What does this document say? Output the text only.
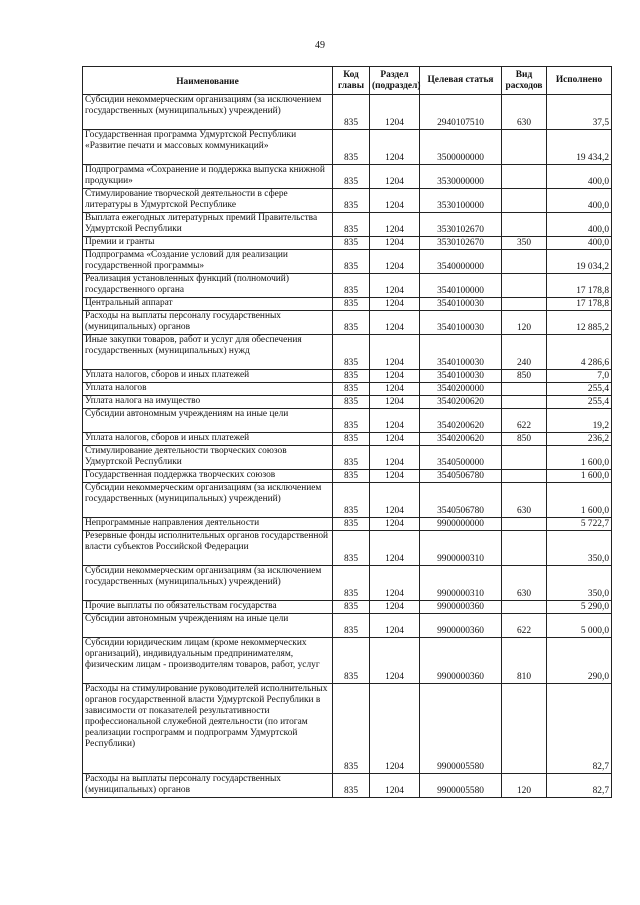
49
Наименование	Код главы	Раздел (подраздел)	Целевая статья	Вид расходов	Исполнено
Субсидии некоммерческим организациям (за исключением государственных (муниципальных) учреждений)	835	1204	2940107510	630	37,5
Государственная программа Удмуртской Республики «Развитие печати и массовых коммуникаций»	835	1204	3500000000		19 434,2
Подпрограмма «Сохранение и поддержка выпуска книжной продукции»	835	1204	3530000000		400,0
Стимулирование творческой деятельности в сфере литературы в Удмуртской Республике	835	1204	3530100000		400,0
Выплата ежегодных литературных премий Правительства Удмуртской Республики	835	1204	3530102670		400,0
Премии и гранты	835	1204	3530102670	350	400,0
Подпрограмма «Создание условий для реализации государственной программы»	835	1204	3540000000		19 034,2
Реализация установленных функций (полномочий) государственного органа	835	1204	3540100000		17 178,8
Центральный аппарат	835	1204	3540100030		17 178,8
Расходы на выплаты персоналу государственных (муниципальных) органов	835	1204	3540100030	120	12 885,2
Иные закупки товаров, работ и услуг для обеспечения государственных (муниципальных) нужд	835	1204	3540100030	240	4 286,6
Уплата налогов, сборов и иных платежей	835	1204	3540100030	850	7,0
Уплата налогов	835	1204	3540200000		255,4
Уплата налога на имущество	835	1204	3540200620		255,4
Субсидии автономным учреждениям на иные цели	835	1204	3540200620	622	19,2
Уплата налогов, сборов и иных платежей	835	1204	3540200620	850	236,2
Стимулирование деятельности творческих союзов Удмуртской Республики	835	1204	3540500000		1 600,0
Государственная поддержка творческих союзов	835	1204	3540506780		1 600,0
Субсидии некоммерческим организациям (за исключением государственных (муниципальных) учреждений)	835	1204	3540506780	630	1 600,0
Непрограммные направления деятельности	835	1204	9900000000		5 722,7
Резервные фонды исполнительных органов государственной власти субъектов Российской Федерации	835	1204	9900000310		350,0
Субсидии некоммерческим организациям (за исключением государственных (муниципальных) учреждений)	835	1204	9900000310	630	350,0
Прочие выплаты по обязательствам государства	835	1204	9900000360		5 290,0
Субсидии автономным учреждениям на иные цели	835	1204	9900000360	622	5 000,0
Субсидии юридическим лицам (кроме некоммерческих организаций), индивидуальным предпринимателям, физическим лицам - производителям товаров, работ, услуг	835	1204	9900000360	810	290,0
Расходы на стимулирование руководителей исполнительных органов государственной власти Удмуртской Республики в зависимости от показателей результативности профессиональной служебной деятельности (по итогам реализации госпрограмм и подпрограмм Удмуртской Республики)	835	1204	9900005580		82,7
Расходы на выплаты персоналу государственных (муниципальных) органов	835	1204	9900005580	120	82,7
